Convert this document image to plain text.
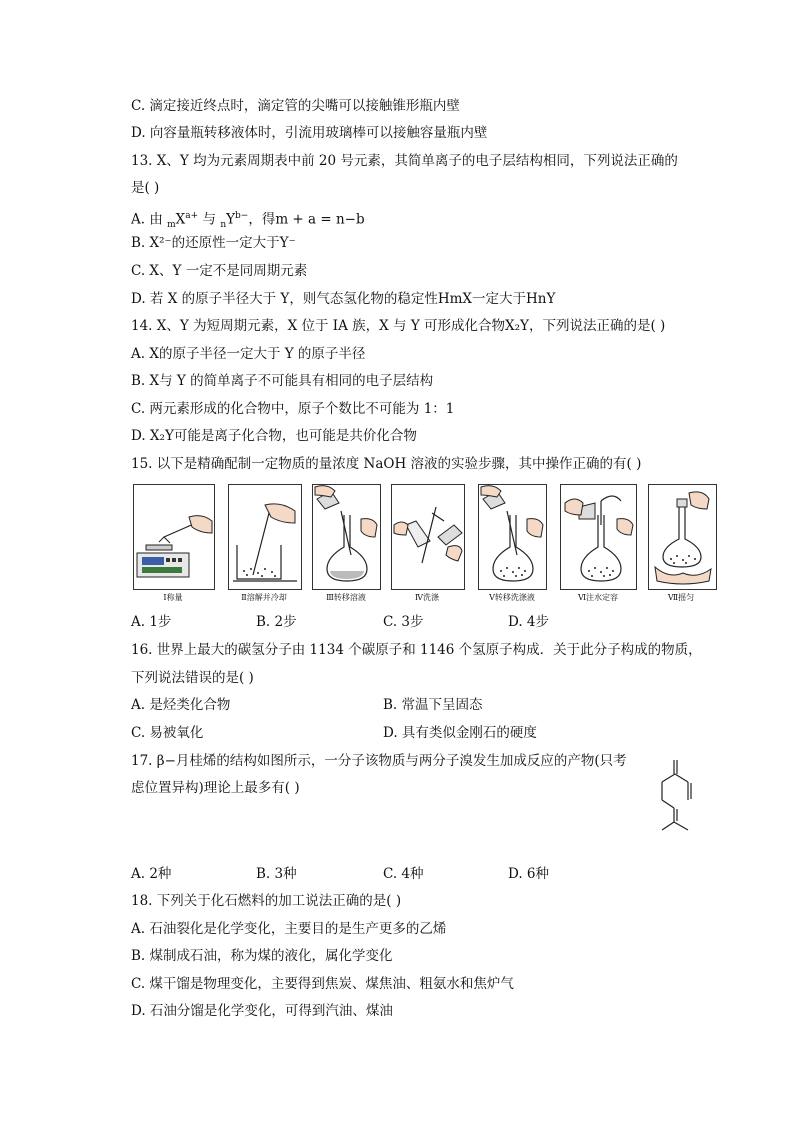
C. 滴定接近终点时，滴定管的尖嘴可以接触锥形瓶内壁
D. 向容量瓶转移液体时，引流用玻璃棒可以接触容量瓶内壁
13. X、Y 均为元素周期表中前 20 号元素，其简单离子的电子层结构相同，下列说法正确的
是( )
A. 由 $_mX^{a+}$ 与 $_nY^{b-}$，得m + a = n−b
B. X²⁻的还原性一定大于Y⁻
C. X、Y 一定不是同周期元素
D. 若 X 的原子半径大于 Y，则气态氢化物的稳定性HmX一定大于HnY
14. X、Y 为短周期元素，X 位于 IA 族，X 与 Y 可形成化合物X₂Y，下列说法正确的是( )
A. X的原子半径一定大于 Y 的原子半径
B. X与 Y 的简单离子不可能具有相同的电子层结构
C. 两元素形成的化合物中，原子个数比不可能为 1：1
D. X₂Y可能是离子化合物，也可能是共价化合物
15. 以下是精确配制一定物质的量浓度 NaOH 溶液的实验步骤，其中操作正确的有( )
Ⅰ称量	Ⅱ溶解并冷却	Ⅲ转移溶液	Ⅳ洗涤	Ⅴ转移洗涤液	Ⅵ注水定容	Ⅶ摇匀
A. 1步	B. 2步	C. 3步	D. 4步
16. 世界上最大的碳氢分子由 1134 个碳原子和 1146 个氢原子构成．关于此分子构成的物质，
下列说法错误的是( )
A. 是烃类化合物	B. 常温下呈固态
C. 易被氧化	D. 具有类似金刚石的硬度
17. β−月桂烯的结构如图所示，一分子该物质与两分子溴发生加成反应的产物(只考
虑位置异构)理论上最多有( )
A. 2种	B. 3种	C. 4种	D. 6种
18. 下列关于化石燃料的加工说法正确的是( )
A. 石油裂化是化学变化，主要目的是生产更多的乙烯
B. 煤制成石油，称为煤的液化，属化学变化
C. 煤干馏是物理变化，主要得到焦炭、煤焦油、粗氨水和焦炉气
D. 石油分馏是化学变化，可得到汽油、煤油
